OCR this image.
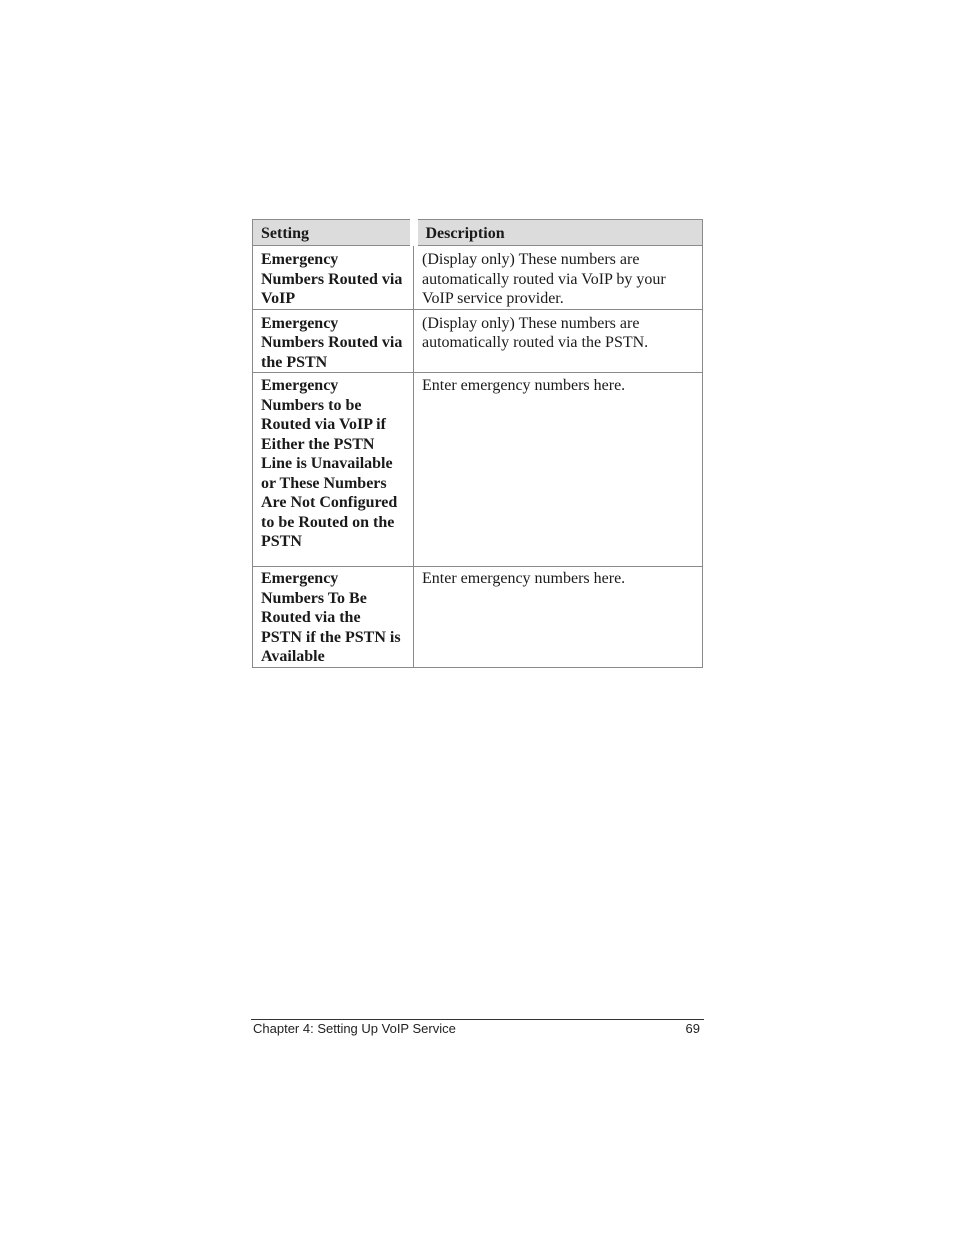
Setting	Description
Emergency Numbers Routed via VoIP	(Display only) These numbers are automatically routed via VoIP by your VoIP service provider.
Emergency Numbers Routed via the PSTN	(Display only) These numbers are automatically routed via the PSTN.
Emergency Numbers to be Routed via VoIP if Either the PSTN Line is Unavailable or These Numbers Are Not Configured to be Routed on the PSTN	Enter emergency numbers here.
Emergency Numbers To Be Routed via the PSTN if the PSTN is Available	Enter emergency numbers here.
Chapter 4: Setting Up VoIP Service	69
